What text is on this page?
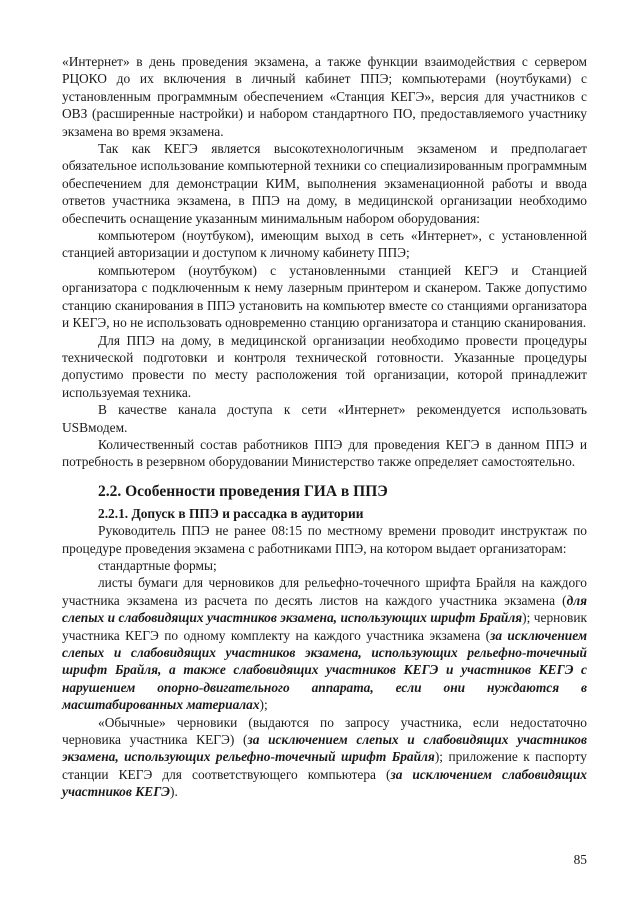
«Интернет» в день проведения экзамена, а также функции взаимодействия с сервером РЦОКО до их включения в личный кабинет ППЭ; компьютерами (ноутбуками) с установленным программным обеспечением «Станция КЕГЭ», версия для участников с ОВЗ (расширенные настройки) и набором стандартного ПО, предоставляемого участнику экзамена во время экзамена.

Так как КЕГЭ является высокотехнологичным экзаменом и предполагает обязательное использование компьютерной техники со специализированным программным обеспечением для демонстрации КИМ, выполнения экзаменационной работы и ввода ответов участника экзамена, в ППЭ на дому, в медицинской организации необходимо обеспечить оснащение указанным минимальным набором оборудования:

компьютером (ноутбуком), имеющим выход в сеть «Интернет», с установленной станцией авторизации и доступом к личному кабинету ППЭ;

компьютером (ноутбуком) с установленными станцией КЕГЭ и Станцией организатора с подключенным к нему лазерным принтером и сканером. Также допустимо станцию сканирования в ППЭ установить на компьютер вместе со станциями организатора и КЕГЭ, но не использовать одновременно станцию организатора и станцию сканирования.

Для ППЭ на дому, в медицинской организации необходимо провести процедуры технической подготовки и контроля технической готовности. Указанные процедуры допустимо провести по месту расположения той организации, которой принадлежит используемая техника.

В качестве канала доступа к сети «Интернет» рекомендуется использовать USBмодем.

Количественный состав работников ППЭ для проведения КЕГЭ в данном ППЭ и потребность в резервном оборудовании Министерство также определяет самостоятельно.

2.2. Особенности проведения ГИА в ППЭ
2.2.1. Допуск в ППЭ и рассадка в аудитории

Руководитель ППЭ не ранее 08:15 по местному времени проводит инструктаж по процедуре проведения экзамена с работниками ППЭ, на котором выдает организаторам:

стандартные формы;

листы бумаги для черновиков для рельефно-точечного шрифта Брайля на каждого участника экзамена из расчета по десять листов на каждого участника экзамена (для слепых и слабовидящих участников экзамена, использующих шрифт Брайля); черновик участника КЕГЭ по одному комплекту на каждого участника экзамена (за исключением слепых и слабовидящих участников экзамена, использующих рельефно-точечный шрифт Брайля, а также слабовидящих участников КЕГЭ и участников КЕГЭ с нарушением опорно-двигательного аппарата, если они нуждаются в масштабированных материалах);

«Обычные» черновики (выдаются по запросу участника, если недостаточно черновика участника КЕГЭ) (за исключением слепых и слабовидящих участников экзамена, использующих рельефно-точечный шрифт Брайля); приложение к паспорту станции КЕГЭ для соответствующего компьютера (за исключением слабовидящих участников КЕГЭ).

85
